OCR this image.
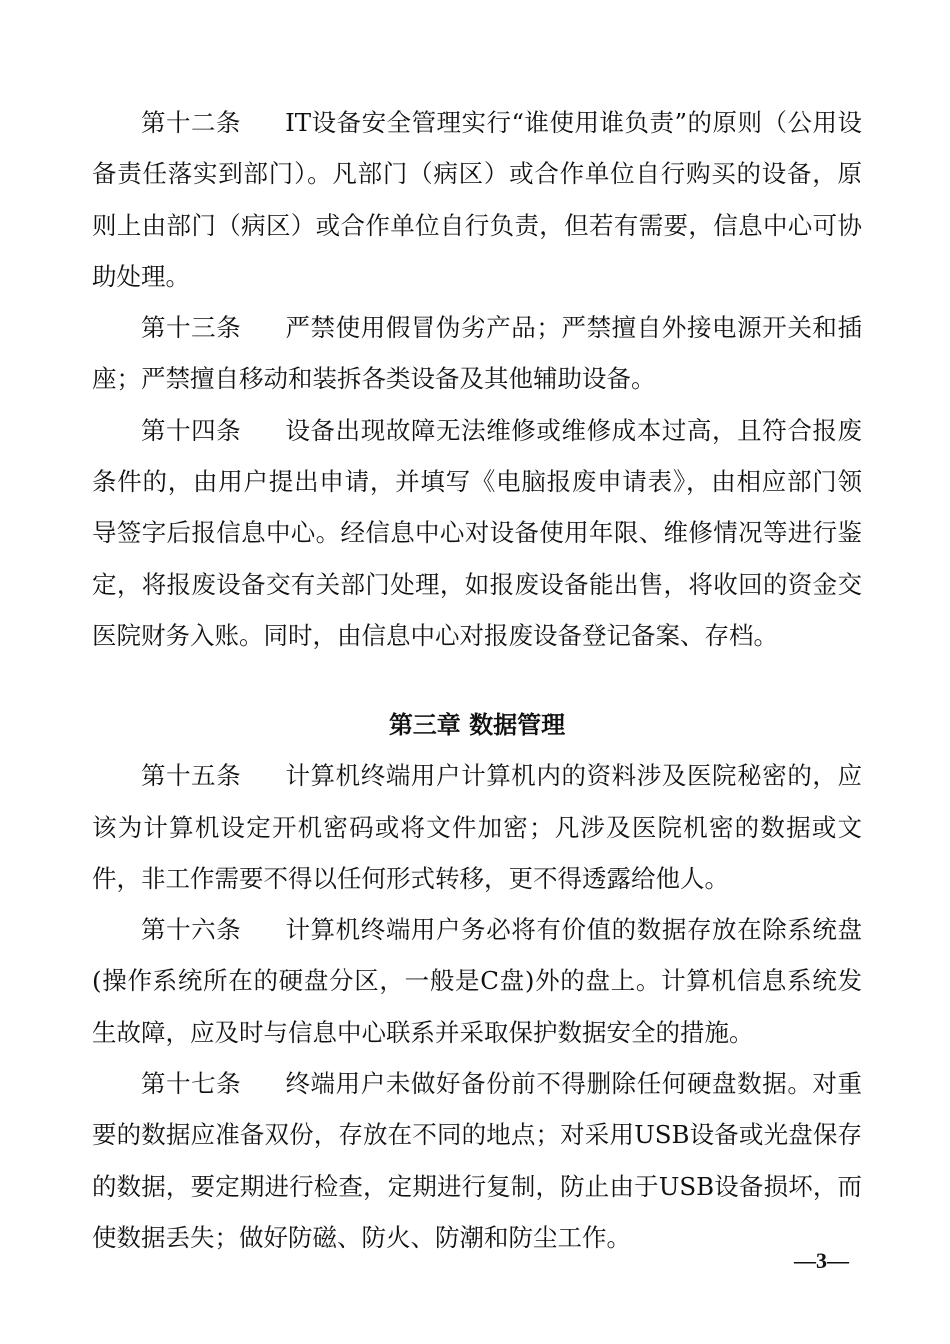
第十二条 IT设备安全管理实行“谁使用谁负责”的原则（公用设备责任落实到部门）。凡部门（病区）或合作单位自行购买的设备，原则上由部门（病区）或合作单位自行负责，但若有需要，信息中心可协助处理。

第十三条 严禁使用假冒伪劣产品；严禁擅自外接电源开关和插座；严禁擅自移动和装拆各类设备及其他辅助设备。

第十四条 设备出现故障无法维修或维修成本过高，且符合报废条件的，由用户提出申请，并填写《电脑报废申请表》，由相应部门领导签字后报信息中心。经信息中心对设备使用年限、维修情况等进行鉴定，将报废设备交有关部门处理，如报废设备能出售，将收回的资金交医院财务入账。同时，由信息中心对报废设备登记备案、存档。

第三章 数据管理

第十五条 计算机终端用户计算机内的资料涉及医院秘密的，应该为计算机设定开机密码或将文件加密；凡涉及医院机密的数据或文件，非工作需要不得以任何形式转移，更不得透露给他人。

第十六条 计算机终端用户务必将有价值的数据存放在除系统盘(操作系统所在的硬盘分区，一般是C盘)外的盘上。计算机信息系统发生故障，应及时与信息中心联系并采取保护数据安全的措施。

第十七条 终端用户未做好备份前不得删除任何硬盘数据。对重要的数据应准备双份，存放在不同的地点；对采用USB设备或光盘保存的数据，要定期进行检查，定期进行复制，防止由于USB设备损坏，而使数据丢失；做好防磁、防火、防潮和防尘工作。

—3—
